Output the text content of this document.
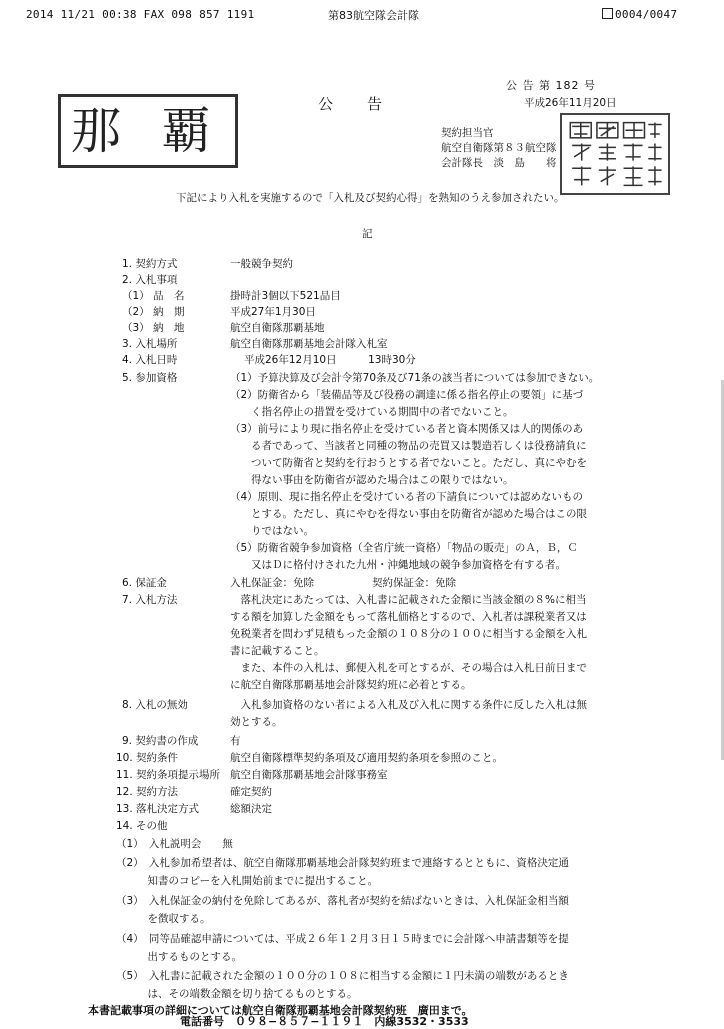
2014 11/21 00:38 FAX 098 857 1191	第83航空隊会計隊	0004/0047
公 告 第 182 号
平成26年11月20日
那 覇	公告
契約担当官
航空自衛隊第８３航空隊
会計隊長　淡　島　　将
下記により入札を実施するので「入札及び契約心得」を熟知のうえ参加されたい。
記
1. 契約方式	一般競争契約
2. 入札事項
（1） 品　名	掛時計3個以下521品目
（2） 納　期	平成27年1月30日
（3） 納　地	航空自衛隊那覇基地
3. 入札場所	航空自衛隊那覇基地会計隊入札室
4. 入札日時	平成26年12月10日　　　13時30分
5. 参加資格	（1）予算決算及び会計令第70条及び71条の該当者については参加できない。
（2）防衛省から「装備品等及び役務の調達に係る指名停止の要領」に基づ
　　く指名停止の措置を受けている期間中の者でないこと。
（3）前号により現に指名停止を受けている者と資本関係又は人的関係のあ
　　る者であって、当該者と同種の物品の売買又は製造若しくは役務請負に
　　ついて防衛省と契約を行おうとする者でないこと。ただし、真にやむを
　　得ない事由を防衛省が認めた場合はこの限りではない。
（4）原則、現に指名停止を受けている者の下請負については認めないもの
　　とする。ただし、真にやむを得ない事由を防衛省が認めた場合はこの限
　　りではない。
（5）防衛省競争参加資格（全省庁統一資格）「物品の販売」のＡ，Ｂ，Ｃ
　　又はＤに格付けされた九州・沖縄地域の競争参加資格を有する者。
6. 保証金	入札保証金：免除	契約保証金：免除
7. 入札方法	　落札決定にあたっては、入札書に記載された金額に当該金額の８%に相当
する額を加算した金額をもって落札価格とするので、入札者は課税業者又は
免税業者を問わず見積もった金額の１０８分の１００に相当する金額を入札
書に記載すること。
　また、本件の入札は、郵便入札を可とするが、その場合は入札日前日まで
に航空自衛隊那覇基地会計隊契約班に必着とする。
8. 入札の無効	　入札参加資格のない者による入札及び入札に関する条件に反した入札は無
効とする。
9. 契約書の作成	有
10. 契約条件	航空自衛隊標準契約条項及び適用契約条項を参照のこと。
11. 契約条項提示場所 航空自衛隊那覇基地会計隊事務室
12. 契約方法	確定契約
13. 落札決定方式	総額決定
14. その他
（1）　入札説明会　　無
（2）　入札参加希望者は、航空自衛隊那覇基地会計隊契約班まで連絡するとともに、資格決定通
　　　知書のコピーを入札開始前までに提出すること。
（3）　入札保証金の納付を免除してあるが、落札者が契約を結ばないときは、入札保証金相当額
　　　を徴収する。
（4）　同等品確認申請については、平成２６年１２月３日１５時までに会計隊へ申請書類等を提
　　　出するものとする。
（5）　入札書に記載された金額の１００分の１０８に相当する金額に１円未満の端数があるとき
　　　は、その端数金額を切り捨てるものとする。
本書記載事項の詳細については航空自衛隊那覇基地会計隊契約班　廣田まで。
電話番号　０９８−８５７−１１９１　内線3532・3533
